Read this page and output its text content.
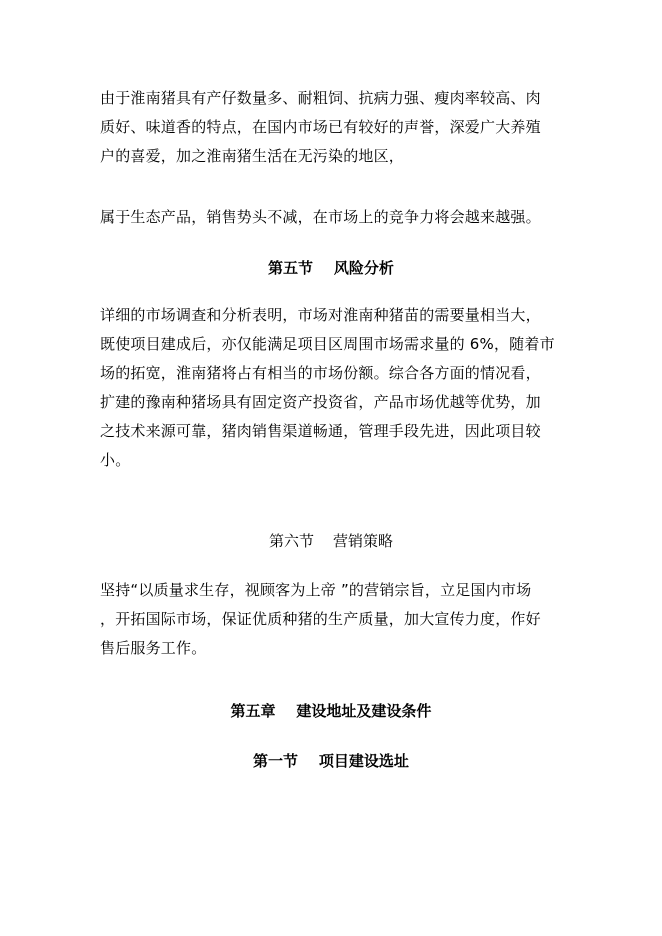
由于淮南猪具有产仔数量多、耐粗饲、抗病力强、瘦肉率较高、肉
质好、味道香的特点，在国内市场已有较好的声誉，深爱广大养殖
户的喜爱，加之淮南猪生活在无污染的地区，
属于生态产品，销售势头不减，在市场上的竞争力将会越来越强。
第五节    风险分析
详细的市场调查和分析表明，市场对淮南种猪苗的需要量相当大，
既使项目建成后，亦仅能满足项目区周围市场需求量的 6%，随着市
场的拓宽，淮南猪将占有相当的市场份额。综合各方面的情况看，
扩建的豫南种猪场具有固定资产投资省，产品市场优越等优势，加
之技术来源可靠，猪肉销售渠道畅通，管理手段先进，因此项目较
小。
第六节    营销策略
坚持“以质量求生存，视顾客为上帝 ”的营销宗旨，立足国内市场
，开拓国际市场，保证优质种猪的生产质量，加大宣传力度，作好
售后服务工作。
第五章    建设地址及建设条件
第一节    项目建设选址
